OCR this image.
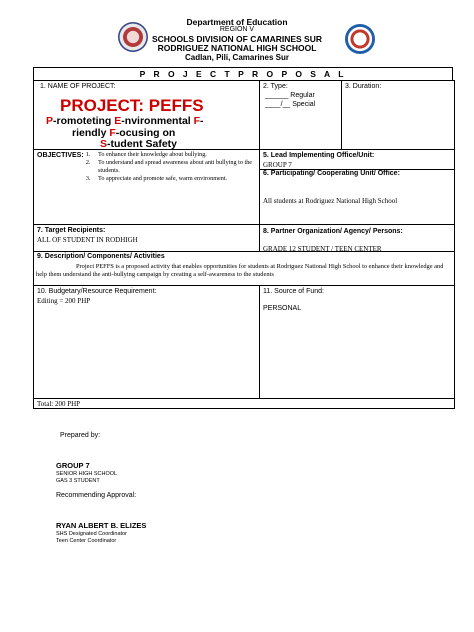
Department of Education
REGION V
SCHOOLS DIVISION OF CAMARINES SUR
RODRIGUEZ NATIONAL HIGH SCHOOL
Cadlan, Pili, Camarines Sur
P R O J E C T P R O P O S A L
1. NAME OF PROJECT:
PROJECT: PEFFS
P-romoteting E-nvironmental F-
riendly F-ocusing on
S-tudent Safety
2. Type:
______ Regular
____/__ Special
3. Duration:
OBJECTIVES:
1.	To enhance their knowledge about bullying.
2. To understand and spread awareness about anti bullying to the students.
3. To appreciate and promote safe, warm environment.
5. Lead Implementing Office/Unit:
GROUP 7
6. Participating/ Cooperating Unit/ Office:
All students at Rodriguez National High School
7. Target Recipients:
ALL OF STUDENT IN RODHIGH
8. Partner Organization/ Agency/ Persons:
GRADE 12 STUDENT / TEEN CENTER
9. Description/ Components/ Activities
Project PEFFS is a proposed activity that enables opportunities for students at Rodriguez National High School to enhance their knowledge and help them understand the anti-bullying campaign by creating a self-awareness to the students
10. Budgetary/Resource Requirement:
Editing = 200 PHP
11. Source of Fund:
PERSONAL
Total: 200 PHP
Prepared by:
GROUP 7
SENIOR HIGH SCHOOL
GAS 3 STUDENT
Recommending Approval:
RYAN ALBERT B. ELIZES
SHS Designated Coordinator
Teen Center Coordinator
